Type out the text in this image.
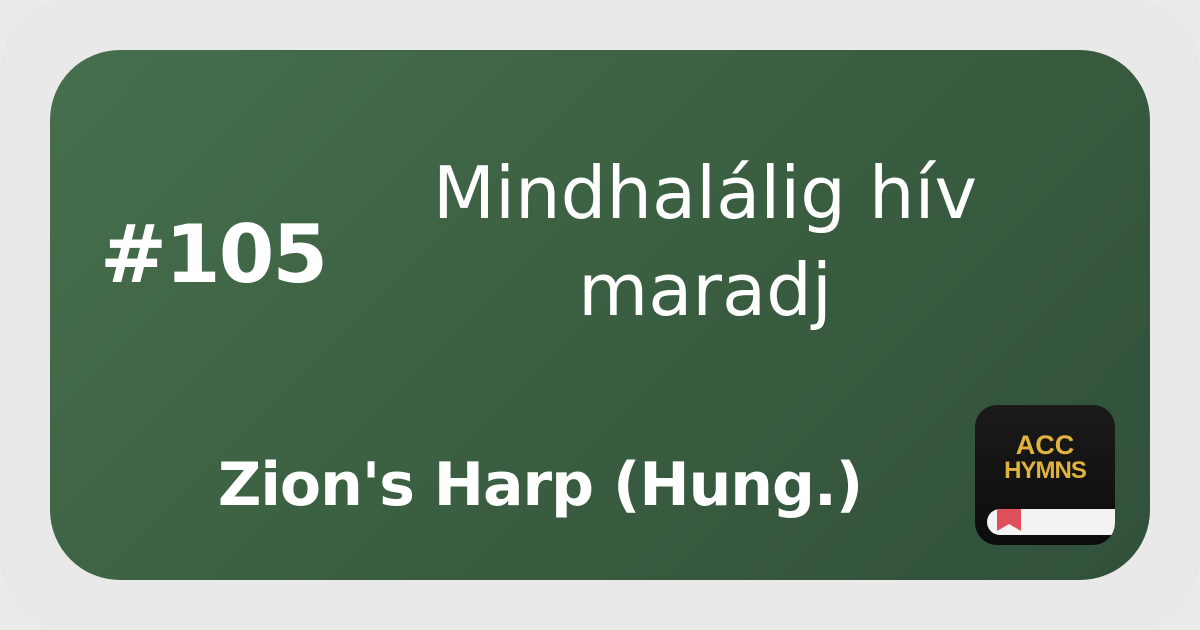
#105
Mindhalálig hív
maradj
Zion's Harp (Hung.)
ACC
HYMNS
